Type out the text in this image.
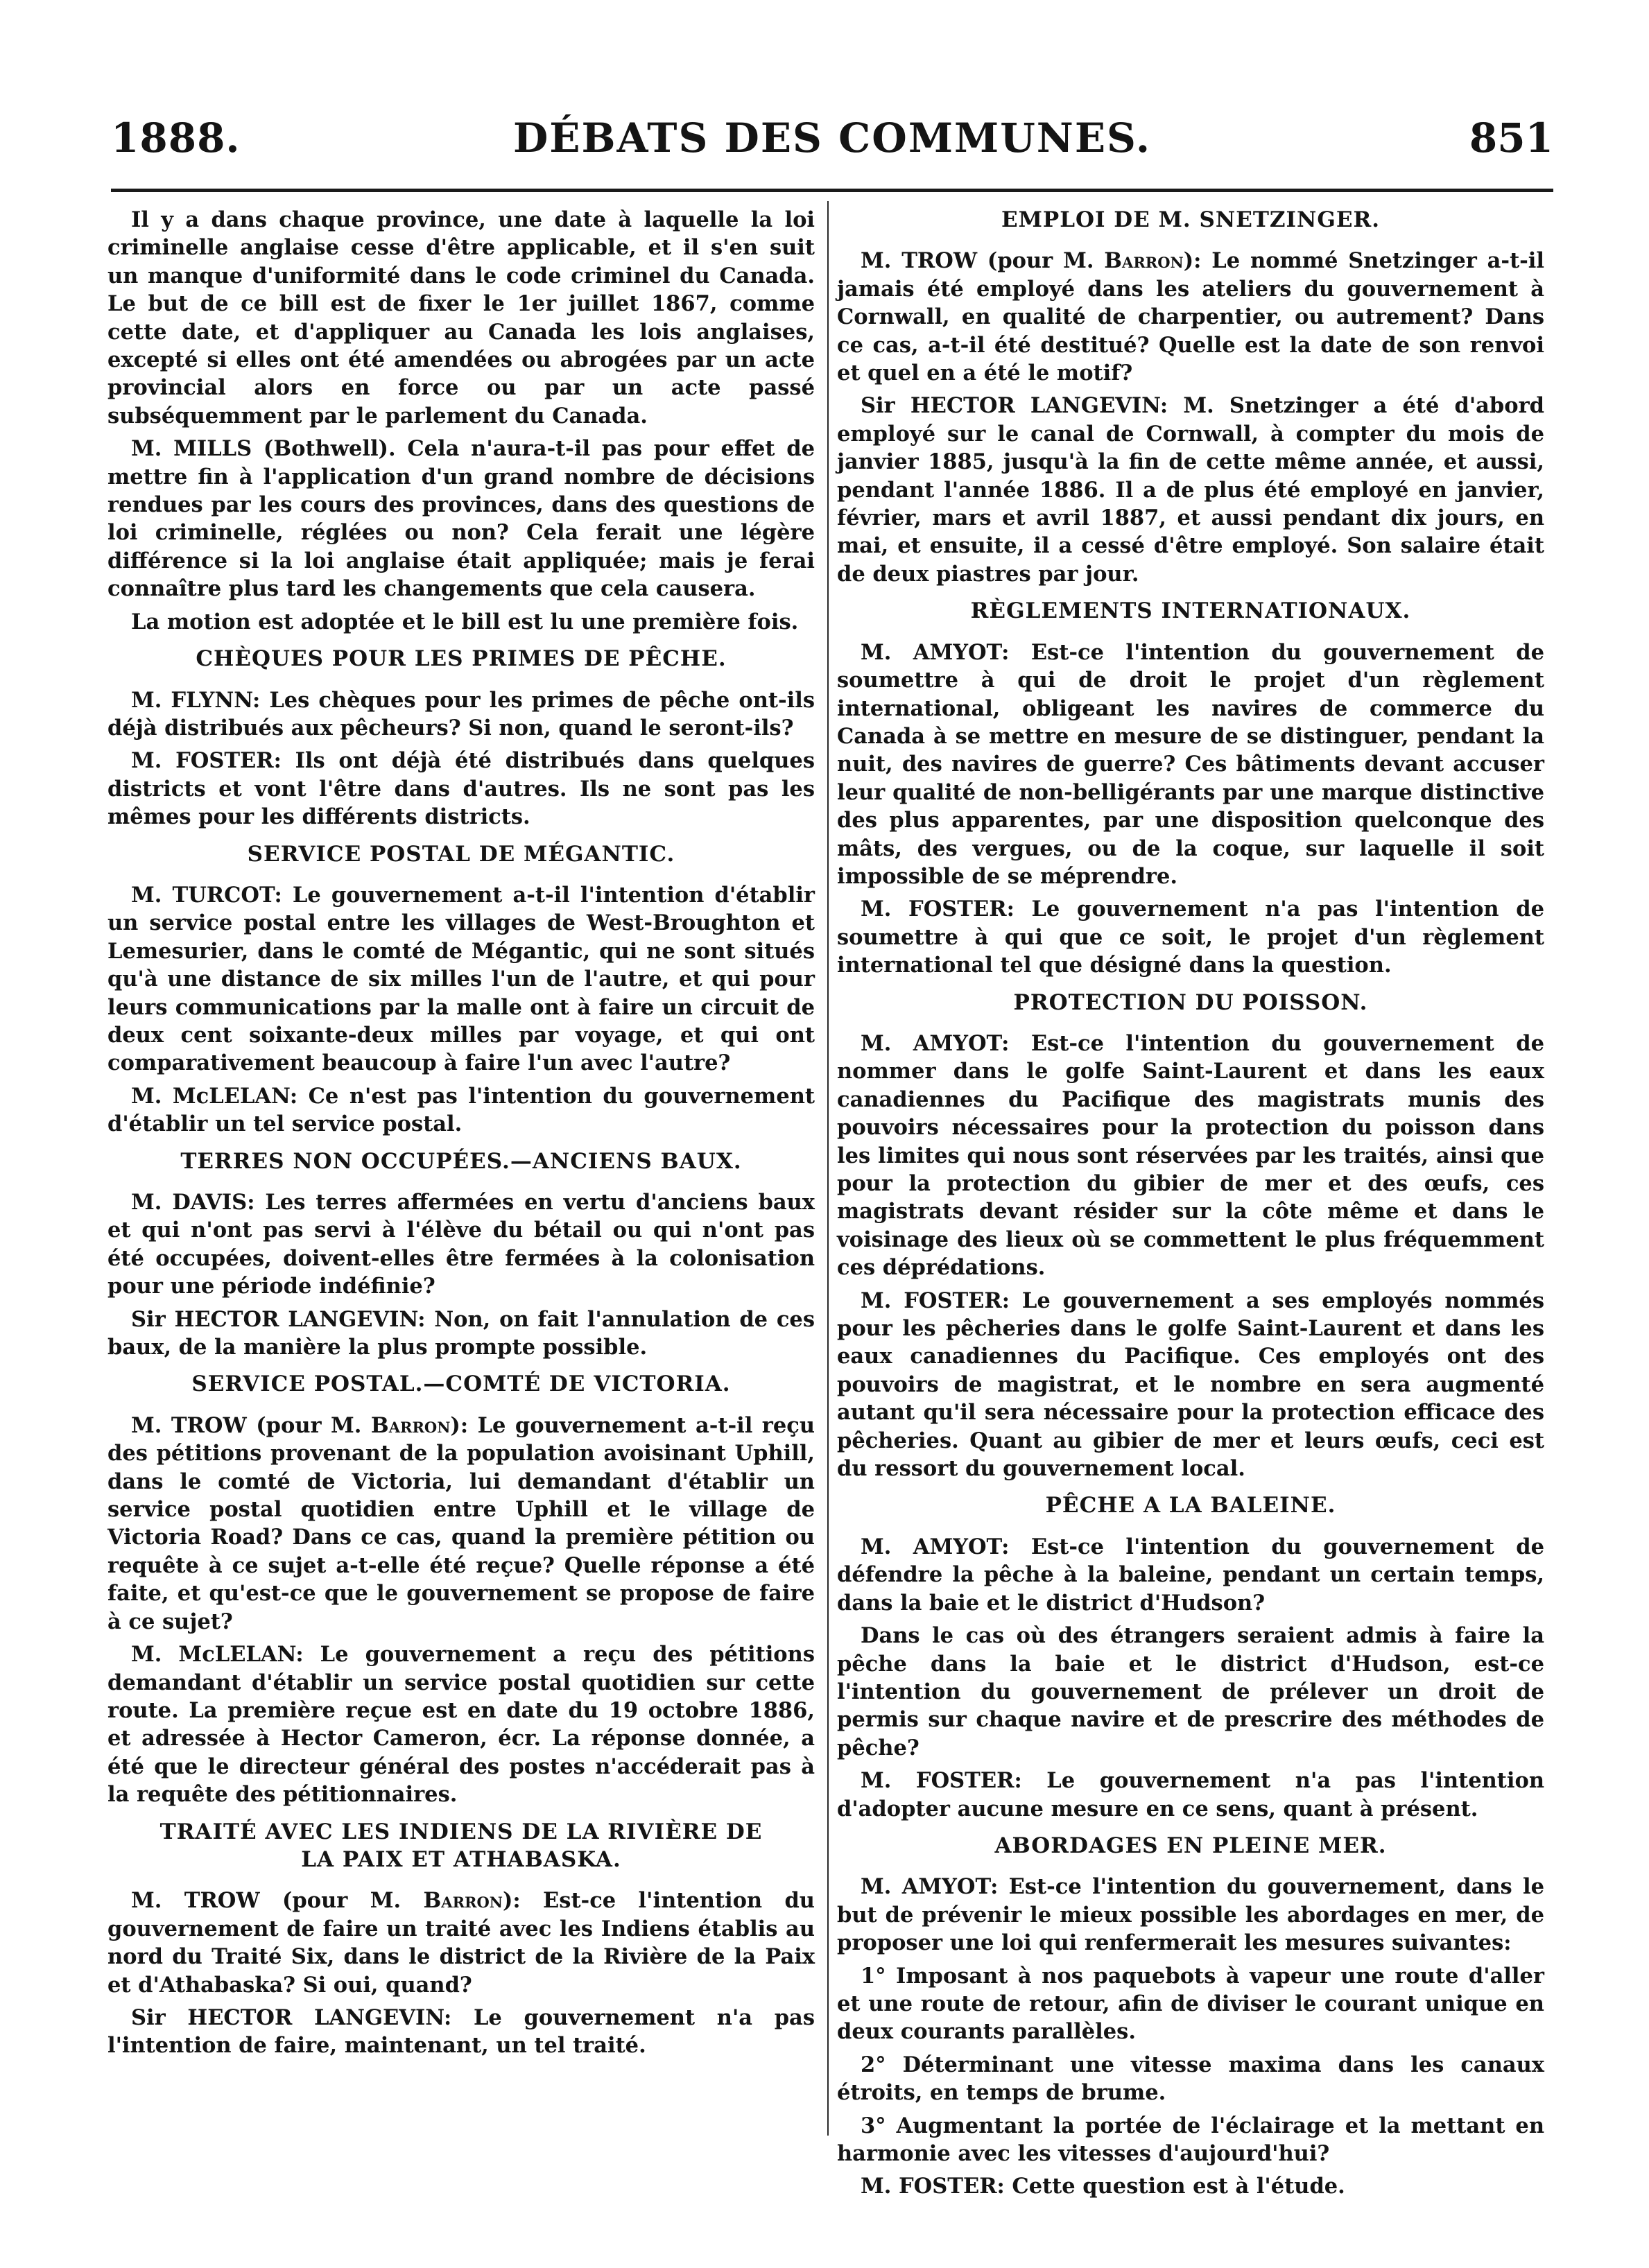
1888.	DÉBATS DES COMMUNES.	851

Il y a dans chaque province, une date à laquelle la loi criminelle anglaise cesse d'être applicable, et il s'en suit un manque d'uniformité dans le code criminel du Canada. Le but de ce bill est de fixer le 1er juillet 1867, comme cette date, et d'appliquer au Canada les lois anglaises, excepté si elles ont été amendées ou abrogées par un acte provincial alors en force ou par un acte passé subséquemment par le parlement du Canada.

M. MILLS (Bothwell). Cela n'aura-t-il pas pour effet de mettre fin à l'application d'un grand nombre de décisions rendues par les cours des provinces, dans des questions de loi criminelle, réglées ou non? Cela ferait une légère différence si la loi anglaise était appliquée; mais je ferai connaître plus tard les changements que cela causera.

La motion est adoptée et le bill est lu une première fois.

CHÈQUES POUR LES PRIMES DE PÊCHE.

M. FLYNN: Les chèques pour les primes de pêche ont-ils déjà distribués aux pêcheurs? Si non, quand le seront-ils?

M. FOSTER: Ils ont déjà été distribués dans quelques districts et vont l'être dans d'autres. Ils ne sont pas les mêmes pour les différents districts.

SERVICE POSTAL DE MÉGANTIC.

M. TURCOT: Le gouvernement a-t-il l'intention d'établir un service postal entre les villages de West-Broughton et Lemesurier, dans le comté de Mégantic, qui ne sont situés qu'à une distance de six milles l'un de l'autre, et qui pour leurs communications par la malle ont à faire un circuit de deux cent soixante-deux milles par voyage, et qui ont comparativement beaucoup à faire l'un avec l'autre?

M. McLELAN: Ce n'est pas l'intention du gouvernement d'établir un tel service postal.

TERRES NON OCCUPÉES.—ANCIENS BAUX.

M. DAVIS: Les terres affermées en vertu d'anciens baux et qui n'ont pas servi à l'élève du bétail ou qui n'ont pas été occupées, doivent-elles être fermées à la colonisation pour une période indéfinie?

Sir HECTOR LANGEVIN: Non, on fait l'annulation de ces baux, de la manière la plus prompte possible.

SERVICE POSTAL.—COMTÉ DE VICTORIA.

M. TROW (pour M. Barron): Le gouvernement a-t-il reçu des pétitions provenant de la population avoisinant Uphill, dans le comté de Victoria, lui demandant d'établir un service postal quotidien entre Uphill et le village de Victoria Road? Dans ce cas, quand la première pétition ou requête à ce sujet a-t-elle été reçue? Quelle réponse a été faite, et qu'est-ce que le gouvernement se propose de faire à ce sujet?

M. McLELAN: Le gouvernement a reçu des pétitions demandant d'établir un service postal quotidien sur cette route. La première reçue est en date du 19 octobre 1886, et adressée à Hector Cameron, écr. La réponse donnée, a été que le directeur général des postes n'accéderait pas à la requête des pétitionnaires.

TRAITÉ AVEC LES INDIENS DE LA RIVIÈRE DE
LA PAIX ET ATHABASKA.

M. TROW (pour M. Barron): Est-ce l'intention du gouvernement de faire un traité avec les Indiens établis au nord du Traité Six, dans le district de la Rivière de la Paix et d'Athabaska? Si oui, quand?

Sir HECTOR LANGEVIN: Le gouvernement n'a pas l'intention de faire, maintenant, un tel traité.

EMPLOI DE M. SNETZINGER.

M. TROW (pour M. Barron): Le nommé Snetzinger a-t-il jamais été employé dans les ateliers du gouvernement à Cornwall, en qualité de charpentier, ou autrement? Dans ce cas, a-t-il été destitué? Quelle est la date de son renvoi et quel en a été le motif?

Sir HECTOR LANGEVIN: M. Snetzinger a été d'abord employé sur le canal de Cornwall, à compter du mois de janvier 1885, jusqu'à la fin de cette même année, et aussi, pendant l'année 1886. Il a de plus été employé en janvier, février, mars et avril 1887, et aussi pendant dix jours, en mai, et ensuite, il a cessé d'être employé. Son salaire était de deux piastres par jour.

RÈGLEMENTS INTERNATIONAUX.

M. AMYOT: Est-ce l'intention du gouvernement de soumettre à qui de droit le projet d'un règlement international, obligeant les navires de commerce du Canada à se mettre en mesure de se distinguer, pendant la nuit, des navires de guerre? Ces bâtiments devant accuser leur qualité de non-belligérants par une marque distinctive des plus apparentes, par une disposition quelconque des mâts, des vergues, ou de la coque, sur laquelle il soit impossible de se méprendre.

M. FOSTER: Le gouvernement n'a pas l'intention de soumettre à qui que ce soit, le projet d'un règlement international tel que désigné dans la question.

PROTECTION DU POISSON.

M. AMYOT: Est-ce l'intention du gouvernement de nommer dans le golfe Saint-Laurent et dans les eaux canadiennes du Pacifique des magistrats munis des pouvoirs nécessaires pour la protection du poisson dans les limites qui nous sont réservées par les traités, ainsi que pour la protection du gibier de mer et des œufs, ces magistrats devant résider sur la côte même et dans le voisinage des lieux où se commettent le plus fréquemment ces déprédations.

M. FOSTER: Le gouvernement a ses employés nommés pour les pêcheries dans le golfe Saint-Laurent et dans les eaux canadiennes du Pacifique. Ces employés ont des pouvoirs de magistrat, et le nombre en sera augmenté autant qu'il sera nécessaire pour la protection efficace des pêcheries. Quant au gibier de mer et leurs œufs, ceci est du ressort du gouvernement local.

PÊCHE A LA BALEINE.

M. AMYOT: Est-ce l'intention du gouvernement de défendre la pêche à la baleine, pendant un certain temps, dans la baie et le district d'Hudson?

Dans le cas où des étrangers seraient admis à faire la pêche dans la baie et le district d'Hudson, est-ce l'intention du gouvernement de prélever un droit de permis sur chaque navire et de prescrire des méthodes de pêche?

M. FOSTER: Le gouvernement n'a pas l'intention d'adopter aucune mesure en ce sens, quant à présent.

ABORDAGES EN PLEINE MER.

M. AMYOT: Est-ce l'intention du gouvernement, dans le but de prévenir le mieux possible les abordages en mer, de proposer une loi qui renfermerait les mesures suivantes:

1° Imposant à nos paquebots à vapeur une route d'aller et une route de retour, afin de diviser le courant unique en deux courants parallèles.

2° Déterminant une vitesse maxima dans les canaux étroits, en temps de brume.

3° Augmentant la portée de l'éclairage et la mettant en harmonie avec les vitesses d'aujourd'hui?

M. FOSTER: Cette question est à l'étude.
